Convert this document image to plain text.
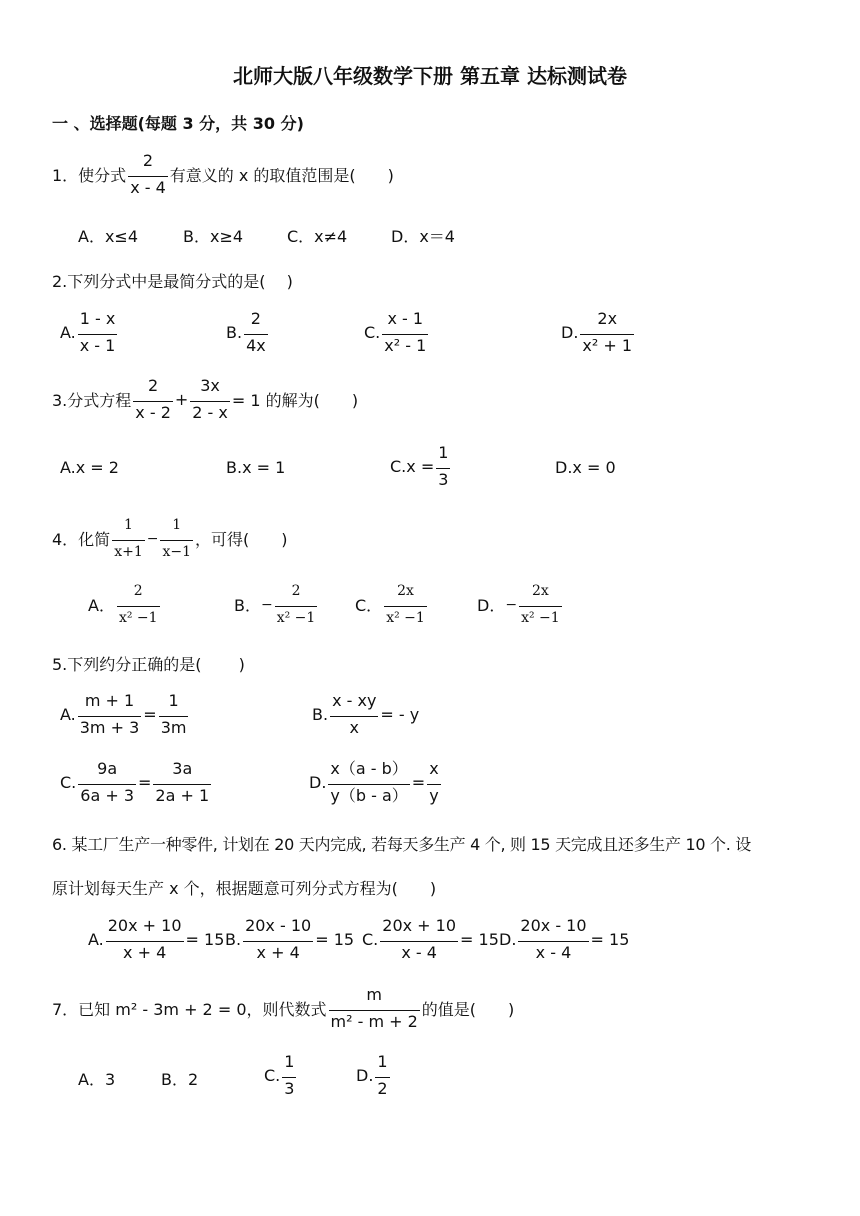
北师大版八年级数学下册 第五章 达标测试卷
一 、选择题(每题 3 分，共 30 分)
1．使分式 $\frac{2}{x - 4}$ 有意义的 x 的取值范围是(　　)
A．x≤4	B．x≥4	C．x≠4	D．x＝4
2.下列分式中是最简分式的是(　 )
A. $\frac{1 - x}{x - 1}$	B. $\frac{2}{4x}$	C. $\frac{x - 1}{\text{x² - 1}}$	D. $\frac{2x}{\text{x² + 1}}$
3.分式方程 $\frac{2}{x - 2} + \frac{3x}{2 - x} = 1$ 的解为(　　)
A.x = 2	B.x = 1	$C.x = \frac{1}{3}$	D.x = 0
4．化简 $\frac{1}{x+1} - \frac{1}{x-1}$ ，可得(　　)
A． $\frac{2}{\text{x² −1}}$	B． − $\frac{2}{\text{x² −1}}$ C． $\frac{2x}{\text{x² −1}}$	D． − $\frac{2x}{\text{x² −1}}$
5.下列约分正确的是(　　 )
A. $\frac{m + 1}{3m + 3} = \frac{1}{3m}$	B. $\frac{x - xy}{x}$ = - y
C. $\frac{9a}{6a + 3} = \frac{3a}{2a + 1}$	D. $\frac{x(a - b)}{y(b - a)} = \frac{x}{y}$
6. 某工厂生产一种零件, 计划在 20 天内完成, 若每天多生产 4 个, 则 15 天完成且还多生产 10 个. 设
原计划每天生产 x 个，根据题意可列分式方程为(　　)
A. $\frac{20x + 10}{x + 4} = 15$ B. $\frac{20x - 10}{x + 4} = 15$ C. $\frac{20x + 10}{x - 4} = 15$ D. $\frac{20x - 10}{x - 4} = 15$
7．已知 m² - 3m + 2 = 0，则代数式 $\frac{m}{\text{m² - m + 2}}$ 的值是(　　)
A．3	B．2	C. $\frac{1}{3}$	D. $\frac{1}{2}$
